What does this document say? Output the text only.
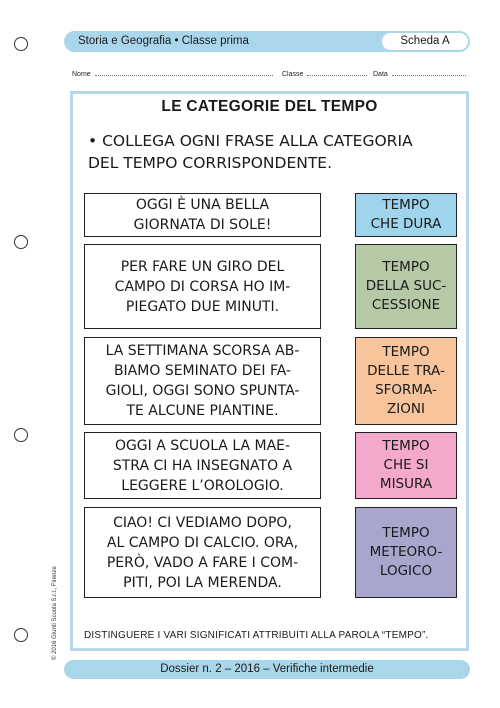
Storia e Geografia • Classe prima	Scheda A
Nome	Classe	Data
LE CATEGORIE DEL TEMPO
• COLLEGA OGNI FRASE ALLA CATEGORIA
DEL TEMPO CORRISPONDENTE.
OGGI È UNA BELLA
GIORNATA DI SOLE!
PER FARE UN GIRO DEL
CAMPO DI CORSA HO IM-
PIEGATO DUE MINUTI.
LA SETTIMANA SCORSA AB-
BIAMO SEMINATO DEI FA-
GIOLI, OGGI SONO SPUNTA-
TE ALCUNE PIANTINE.
OGGI A SCUOLA LA MAE-
STRA CI HA INSEGNATO A
LEGGERE L’OROLOGIO.
CIAO! CI VEDIAMO DOPO,
AL CAMPO DI CALCIO. ORA,
PERÒ, VADO A FARE I COM-
PITI, POI LA MERENDA.
TEMPO
CHE DURA
TEMPO
DELLA SUC-
CESSIONE
TEMPO
DELLE TRA-
SFORMA-
ZIONI
TEMPO
CHE SI
MISURA
TEMPO
METEORO-
LOGICO
DISTINGUERE I VARI SIGNIFICATI ATTRIBUITI ALLA PAROLA “TEMPO”.
© 2016 Giunti Scuola S.r.l., Firenze
Dossier n. 2 – 2016 – Verifiche intermedie
